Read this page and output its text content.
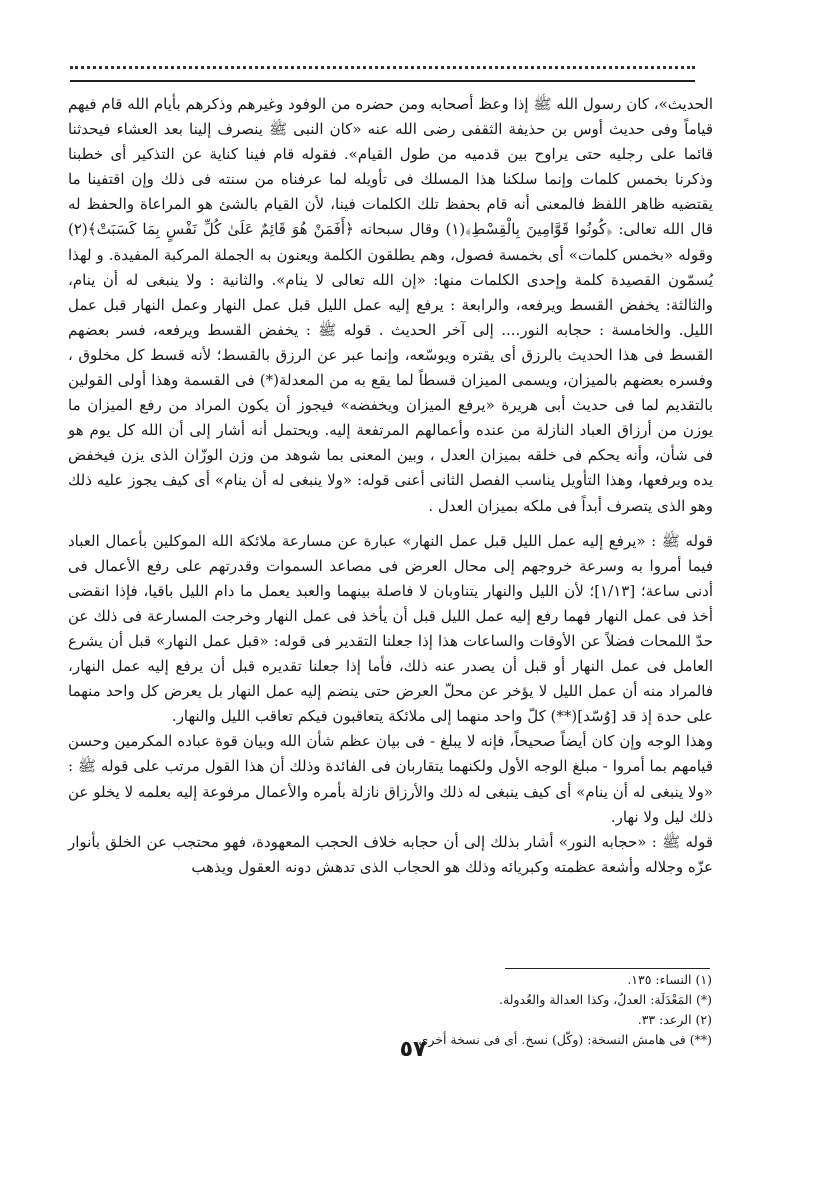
الحديث»، كان رسول الله ﷺ إذا وعظ أصحابه ومن حضره من الوفود وغيرهم وذكرهم بأيام الله قام فيهم قياماً وفى حديث أوس بن حذيفة الثقفى رضى الله عنه «كان النبى ﷺ ينصرف إلينا بعد العشاء فيحدثنا قائما على رجليه حتى يراوح بين قدميه من طول القيام». فقوله قام فينا كناية عن التذكير أى خطبنا وذكرنا بخمس كلمات وإنما سلكنا هذا المسلك فى تأويله لما عرفناه من سنته فى ذلك وإن اقتفينا ما يقتضيه ظاهر اللفظ فالمعنى أنه قام بحفظ تلك الكلمات فينا، لأن القيام بالشئ هو المراعاة والحفظ له قال الله تعالى: ﴿كُونُوا قَوَّامِينَ بِالْقِسْطِ﴾(١) وقال سبحانه ﴿أَفَمَنْ هُوَ قَائِمٌ عَلَىٰ كُلِّ نَفْسٍ بِمَا كَسَبَتْ﴾(٢) وقوله «بخمس كلمات» أى بخمسة فصول، وهم يطلقون الكلمة ويعنون به الجملة المركبة المفيدة. و لهذا يُسمّون القصيدة كلمة وإحدى الكلمات منها: «إن الله تعالى لا ينام». والثانية : ولا ينبغى له أن ينام، والثالثة: يخفض القسط ويرفعه، والرابعة : يرفع إليه عمل الليل قبل عمل النهار وعمل النهار قبل عمل الليل. والخامسة : حجابه النور.... إلى آخر الحديث . قوله ﷺ : يخفض القسط ويرفعه، فسر بعضهم القسط فى هذا الحديث بالرزق أى يقتره ويوسّعه، وإنما عبر عن الرزق بالقسط؛ لأنه قسط كل مخلوق ، وفسره بعضهم بالميزان، ويسمى الميزان قسطاً لما يقع به من المعدلة(*) فى القسمة وهذا أولى القولين بالتقديم لما فى حديث أبى هريرة «يرفع الميزان ويخفضه» فيجوز أن يكون المراد من رفع الميزان ما يوزن من أرزاق العباد النازلة من عنده وأعمالهم المرتفعة إليه. ويحتمل أنه أشار إلى أن الله كل يوم هو فى شأن، وأنه يحكم فى خلقه بميزان العدل ، وبين المعنى بما شوهد من وزن الوزّان الذى يزن فيخفض يده ويرفعها، وهذا التأويل يناسب الفصل الثانى أعنى قوله: «ولا ينبغى له أن ينام» أى كيف يجوز عليه ذلك وهو الذى يتصرف أبداً فى ملكه بميزان العدل .

قوله ﷺ : «يرفع إليه عمل الليل قبل عمل النهار» عبارة عن مسارعة ملائكة الله الموكلين بأعمال العباد فيما أمروا به وسرعة خروجهم إلى محال العرض فى مصاعد السموات وقدرتهم على رفع الأعمال فى أدنى ساعة؛ [١/١٣]؛ لأن الليل والنهار يتناوبان لا فاصلة بينهما والعبد يعمل ما دام الليل باقيا، فإذا انقضى أخذ فى عمل النهار فهما رفع إليه عمل الليل قبل أن يأخذ فى عمل النهار وخرجت المسارعة فى ذلك عن حدّ اللمحات فضلاً عن الأوقات والساعات هذا إذا جعلنا التقدير فى قوله: «قبل عمل النهار» قبل أن يشرع العامل فى عمل النهار أو قبل أن يصدر عنه ذلك، فأما إذا جعلنا تقديره قبل أن يرفع إليه عمل النهار، فالمراد منه أن عمل الليل لا يؤخر عن محلّ العرض حتى ينضم إليه عمل النهار بل يعرض كل واحد منهما على حدة إذ قد [وُسّد](**) كلّ واحد منهما إلى ملائكة يتعاقبون فيكم تعاقب الليل والنهار.

وهذا الوجه وإن كان أيضاً صحيحاً، فإنه لا يبلغ - فى بيان عظم شأن الله وبيان قوة عباده المكرمين وحسن قيامهم بما أمروا - مبلغ الوجه الأول ولكنهما يتقاربان فى الفائدة وذلك أن هذا القول مرتب على قوله ﷺ : «ولا ينبغى له أن ينام» أى كيف ينبغى له ذلك والأرزاق نازلة بأمره والأعمال مرفوعة إليه بعلمه لا يخلو عن ذلك ليل ولا نهار.

قوله ﷺ : «حجابه النور» أشار بذلك إلى أن حجابه خلاف الحجب المعهودة، فهو محتجب عن الخلق بأنوار عزّه وجلاله وأشعة عظمته وكبريائه وذلك هو الحجاب الذى تدهش دونه العقول ويذهب

(١) النساء: ١٣٥.

(*) المَعْدَلَة: العدلُ، وكذا العدالة والعُدولة.

(٢) الرعد: ٣٣.

(**) فى هامش النسخة: (وكّل) نسخ. أى فى نسخة أخرى.

٥٧
